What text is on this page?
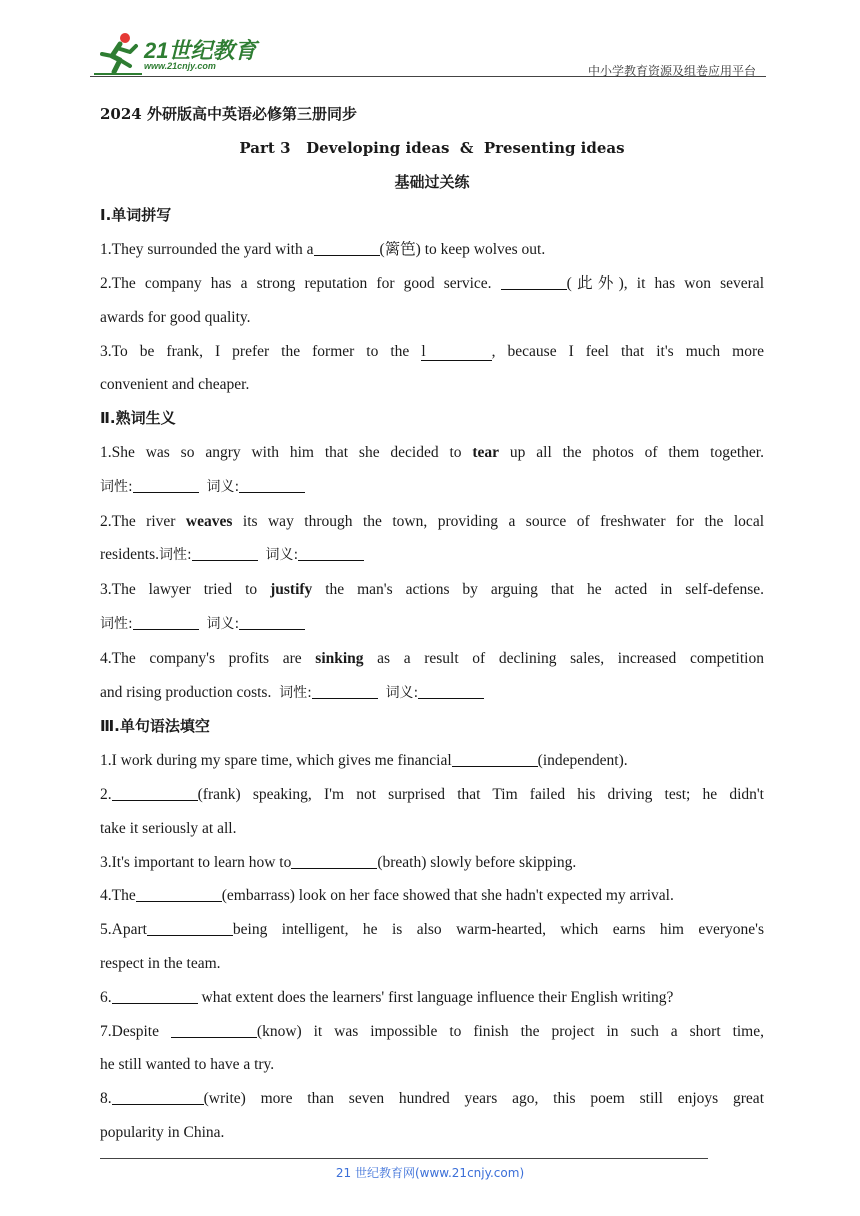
21世纪教育
www.21cnjy.com	中小学教育资源及组卷应用平台
2024 外研版高中英语必修第三册同步
Part 3   Developing ideas  &  Presenting ideas
基础过关练
Ⅰ.单词拼写
1.They surrounded the yard with a	(篱笆) to keep wolves out.
2.The company has a strong reputation for good service.	(此外), it has won several
awards for good quality.
3.To be frank, I prefer the former to the l	, because I feel that it's much more
convenient and cheaper.
Ⅱ.熟词生义
1.She was so angry with him that she decided to tear up all the photos of them together.
词性:	词义:
2.The river weaves its way through the town, providing a source of freshwater for the local
residents.词性:	词义:
3.The lawyer tried to justify the man's actions by arguing that he acted in self-defense.
词性:	词义:
4.The company's profits are sinking as a result of declining sales, increased competition
and rising production costs. 词性:	词义:
Ⅲ.单句语法填空
1.I work during my spare time, which gives me financial	(independent).
2.	(frank) speaking, I'm not surprised that Tim failed his driving test; he didn't
take it seriously at all.
3.It's important to learn how to	(breath) slowly before skipping.
4.The	(embarrass) look on her face showed that she hadn't expected my arrival.
5.Apart	being intelligent, he is also warm-hearted, which earns him everyone's
respect in the team.
6.	what extent does the learners' first language influence their English writing?
7.Despite	(know) it was impossible to finish the project in such a short time,
he still wanted to have a try.
8.	(write) more than seven hundred years ago, this poem still enjoys great
popularity in China.
21 世纪教育网(www.21cnjy.com)
